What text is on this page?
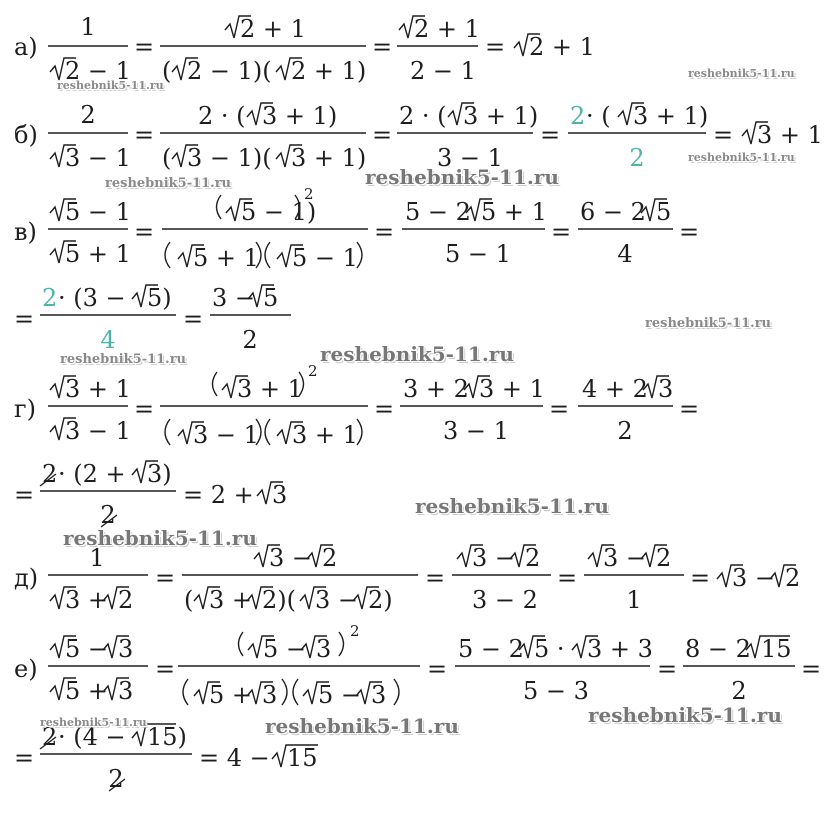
а)
1
2 − 1
=
2 + 1
( 2 − 1)( 2 + 1)
=
2 + 1
2 − 1
= 2 + 1
б)
2
3 − 1
=
2 · ( 3 + 1)
( 3 − 1)( 3 + 1)
=
2 · ( 3 + 1)
3 − 1
=
2 · ( 3 + 1)
2
= 3 + 1
в)
5 − 1
5 + 1
=
5 − 1)
2
5 + 1 5 − 1
=
5 − 2 5 + 1
5 − 1
=
6 − 2 5
4
=
=
2 · (3 − 5)
4
=
3 − 5
2
г)
3 + 1
3 − 1
=
3 + 1
2
3 − 1 3 + 1
=
3 + 2 3 + 1
3 − 1
=
4 + 2 3
2
=
=
2 · (2 + 3)
2
= 2 + 3
д)
1
3 + 2
=
3 − 2
( 3 + 2)( 3 − 2)
=
3 − 2
3 − 2
=
3 − 2
1
= 3 − 2
е)
5 − 3
5 + 3
=
5 − 3
2
5 + 3 5 − 3
=
5 − 2 5 · 3 + 3
5 − 3
=
8 − 2 15
2
=
=
2 · (4 − 15)
2
= 4 − 15
reshebnik5-11.ru
reshebnik5-11.ru
reshebnik5-11.ru
reshebnik5-11.ru	reshebnik5-11.ru
reshebnik5-11.ru
reshebnik5-11.ru	reshebnik5-11.ru
reshebnik5-11.ru
reshebnik5-11.ru
reshebnik5-11.ru	reshebnik5-11.ru	reshebnik5-11.ru
